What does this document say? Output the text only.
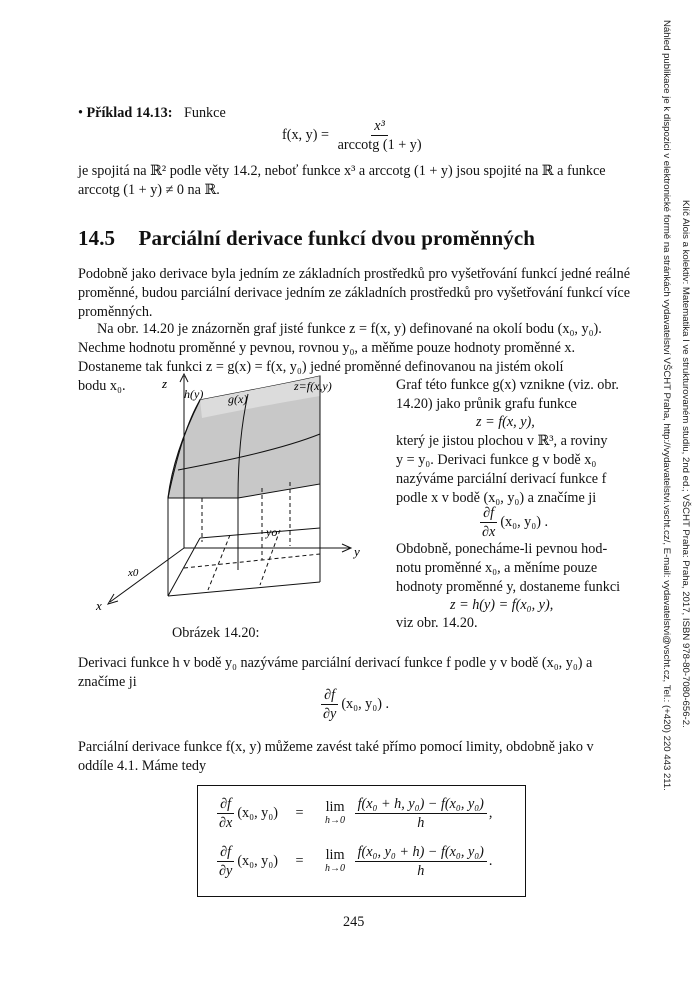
Náhled publikace je k dispozici v elektronické formě na stránkách vydavatelství VŠCHT Praha, http://vydavatelstvi.vscht.cz/, E-mail: vydavatelstvi@vscht.cz, Tel.: (+420) 220 443 211. Klíč Alois a kolektiv: Matematika I ve strukturovaném studiu, 2nd ed.; VŠCHT Praha: Praha, 2017, ISBN 978-80-7080-656-2.
• Příklad 14.13: Funkce
f(x, $y) = \frac{\text{x³}}{\text{arccotg (1 + y)}}$
je spojitá na ℝ² podle věty 14.2, neboť funkce x³ a arccotg (1 + y) jsou spojité na ℝ a funkce
arccotg (1 + y) ≠ 0 na ℝ.
14.5 Parciální derivace funkcí dvou proměnných
Podobně jako derivace byla jedním ze základních prostředků pro vyšetřování funkcí jedné reálné proměnné, budou parciální derivace jedním ze základních prostředků pro vyšetřování funkcí více proměnných.
Na obr. 14.20 je znázorněn graf jisté funkce z = f(x, y) definované na okolí bodu (x₀, y₀).
Nechme hodnotu proměnné y pevnou, rovnou y₀, a měňme pouze hodnoty proměnné x.
Dostaneme tak funkci z = g(x) = f(x, y₀) jedné proměnné definovanou na jistém okolí
bodu x₀.	Graf této funkce g(x) vznikne (viz. obr.
14.20) jako průnik grafu funkce
z = f(x, y),
který je jistou plochou v ℝ³, a roviny
y = y₀. Derivaci funkce g v bodě x₀
nazýváme parciální derivací funkce f
podle x v bodě (x₀, y₀) a značíme ji
$\frac{\partial f}{\partial x} (x_0$, y₀) .
Obdobně, ponecháme-li pevnou hod-
notu proměnné x₀, a měníme pouze
hodnoty proměnné y, dostaneme funkci
z = h(y) = f(x₀, y),
viz obr. 14.20.
z
h(y) g(x)
z=f(x,y)
yo
y
x0
x
Obrázek 14.20:
Derivaci funkce h v bodě y₀ nazýváme parciální derivací funkce f podle y v bodě (x₀, y₀) a
značíme ji
$\frac{\partial f}{\partial y} (x_0$, y₀) .
Parciální derivace funkce f(x, y) můžeme zavést také přímo pomocí limity, obdobně jako v
oddíle 4.1. Máme tedy
$\frac{\partial f}{\partial x} (x_0$, y₀) = lim
h→0
$\frac{\text{f(x₀ + h, y₀) − f(x₀, y₀)}}{h}$ ,
$\frac{\partial f}{\partial y} (x_0$, y₀) = lim
h→0
$\frac{\text{f(x₀, y₀ + h) − f(x₀, y₀)}}{h}$ .
245
